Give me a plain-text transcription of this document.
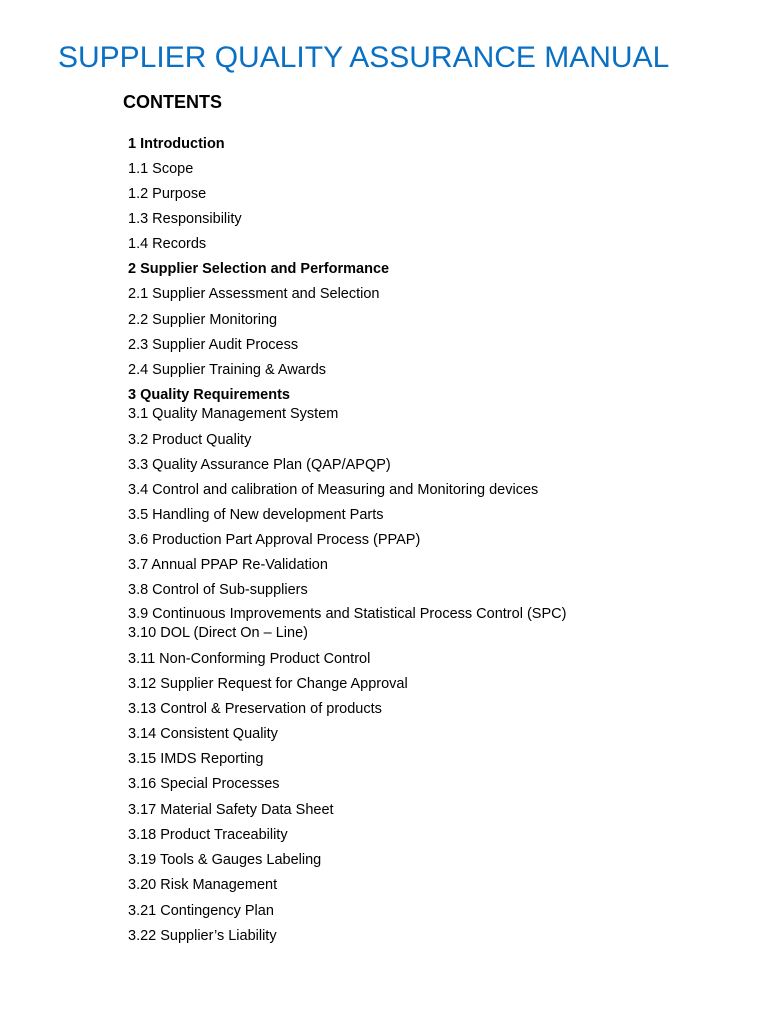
SUPPLIER QUALITY ASSURANCE MANUAL
CONTENTS
1 Introduction
1.1 Scope
1.2 Purpose
1.3 Responsibility
1.4 Records
2 Supplier Selection and Performance
2.1 Supplier Assessment and Selection
2.2 Supplier Monitoring
2.3 Supplier Audit Process
2.4 Supplier Training & Awards
3 Quality Requirements
3.1 Quality Management System
3.2 Product Quality
3.3 Quality Assurance Plan (QAP/APQP)
3.4 Control and calibration of Measuring and Monitoring devices
3.5 Handling of New development Parts
3.6 Production Part Approval Process (PPAP)
3.7 Annual PPAP Re-Validation
3.8 Control of Sub-suppliers
3.9 Continuous Improvements and Statistical Process Control (SPC)
3.10 DOL (Direct On – Line)
3.11 Non-Conforming Product Control
3.12 Supplier Request for Change Approval
3.13 Control & Preservation of products
3.14 Consistent Quality
3.15 IMDS Reporting
3.16 Special Processes
3.17 Material Safety Data Sheet
3.18 Product Traceability
3.19 Tools & Gauges Labeling
3.20 Risk Management
3.21 Contingency Plan
3.22 Supplier’s Liability
